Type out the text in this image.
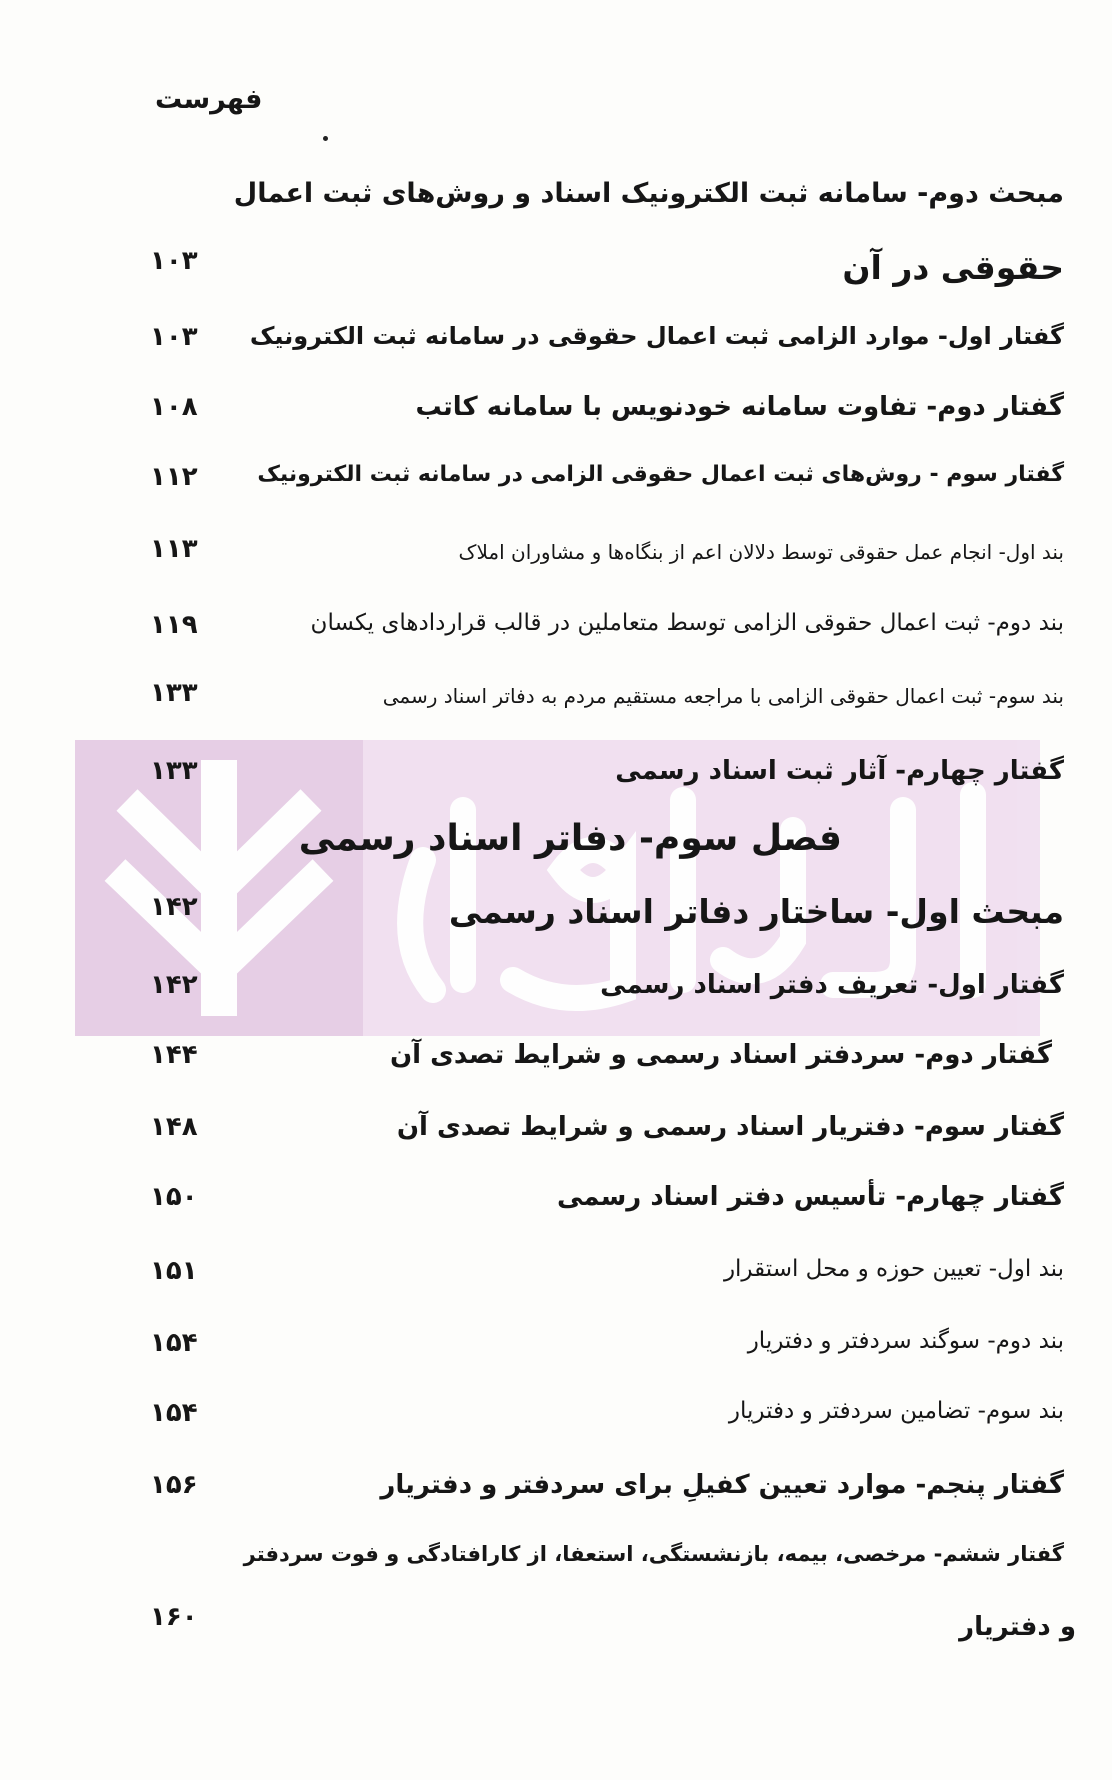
فهرست
مبحث دوم- سامانه ثبت الکترونیک اسناد و روش‌های ثبت اعمال
حقوقی در آن
۱۰۳
گفتار اول- موارد الزامی ثبت اعمال حقوقی در سامانه ثبت الکترونیک
۱۰۳
گفتار دوم- تفاوت سامانه خودنویس با سامانه کاتب
۱۰۸
گفتار سوم - روش‌های ثبت اعمال حقوقی الزامی در سامانه ثبت الکترونیک
۱۱۲
بند اول- انجام عمل حقوقی توسط دلالان اعم از بنگاه‌ها و مشاوران املاک
۱۱۳
بند دوم- ثبت اعمال حقوقی الزامی توسط متعاملین در قالب قراردادهای یکسان
۱۱۹
بند سوم- ثبت اعمال حقوقی الزامی با مراجعه مستقیم مردم به دفاتر اسناد رسمی
۱۳۳
گفتار چهارم- آثار ثبت اسناد رسمی
۱۳۳
فصل سوم- دفاتر اسناد رسمی
مبحث اول- ساختار دفاتر اسناد رسمی
۱۴۲
گفتار اول- تعریف دفتر اسناد رسمی
۱۴۲
گفتار دوم- سردفتر اسناد رسمی و شرایط تصدی آن
۱۴۴
گفتار سوم- دفتریار اسناد رسمی و شرایط تصدی آن
۱۴۸
گفتار چهارم- تأسیس دفتر اسناد رسمی
۱۵۰
بند اول- تعیین حوزه و محل استقرار
۱۵۱
بند دوم- سوگند سردفتر و دفتریار
۱۵۴
بند سوم- تضامین سردفتر و دفتریار
۱۵۴
گفتار پنجم- موارد تعیین کفیلِ برای سردفتر و دفتریار
۱۵۶
گفتار ششم- مرخصی، بیمه، بازنشستگی، استعفا، از کارافتادگی و فوت سردفتر
و دفتریار
۱۶۰
